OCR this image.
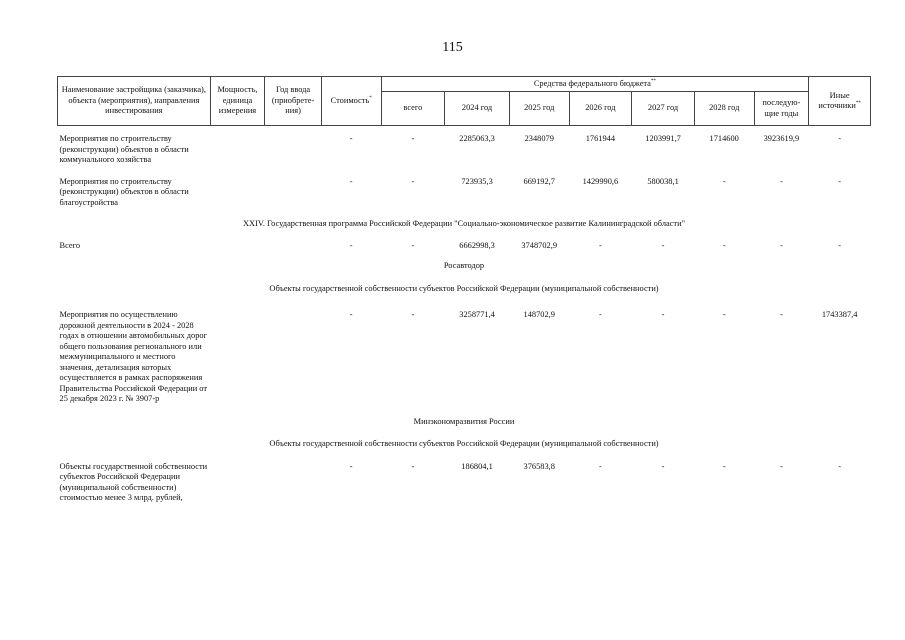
115
Наименование застройщика (заказчика), объекта (мероприятия), направления инвестирования	Мощность, единица измерения	Год ввода (приобрете-ния)	Стоимость*	Средства федерального бюджета**							Иные источники**
				всего	2024 год	2025 год	2026 год	2027 год	2028 год	последую-щие годы	

Мероприятия по строительству (реконструкции) объектов в области коммунального хозяйства			-	-	2285063,3	2348079	1761944	1203991,7	1714600	3923619,9	-

Мероприятия по строительству (реконструкции) объектов в области благоустройства			-	-	723935,3	669192,7	1429990,6	580038,1	-	-	-
XXIV. Государственная программа Российской Федерации "Социально-экономическое развитие Калининградской области"											
Всего			-	-	6662998,3	3748702,9	-	-	-	-	-
Росавтодор											
Объекты государственной собственности субъектов Российской Федерации (муниципальной собственности)											
Мероприятия по осуществлению дорожной деятельности в 2024 - 2028 годах в отношении автомобильных дорог общего пользования регионального или межмуниципального и местного значения, детализация которых осуществляется в рамках распоряжения Правительства Российской Федерации от 25 декабря 2023 г. № 3907-р			-	-	3258771,4	148702,9	-	-	-	-	1743387,4
Минэкономразвития России											
Объекты государственной собственности субъектов Российской Федерации (муниципальной собственности)											
Объекты государственной собственности субъектов Российской Федерации (муниципальной собственности) стоимостью менее 3 млрд. рублей,			-	-	186804,1	376583,8	-	-	-	-	-
